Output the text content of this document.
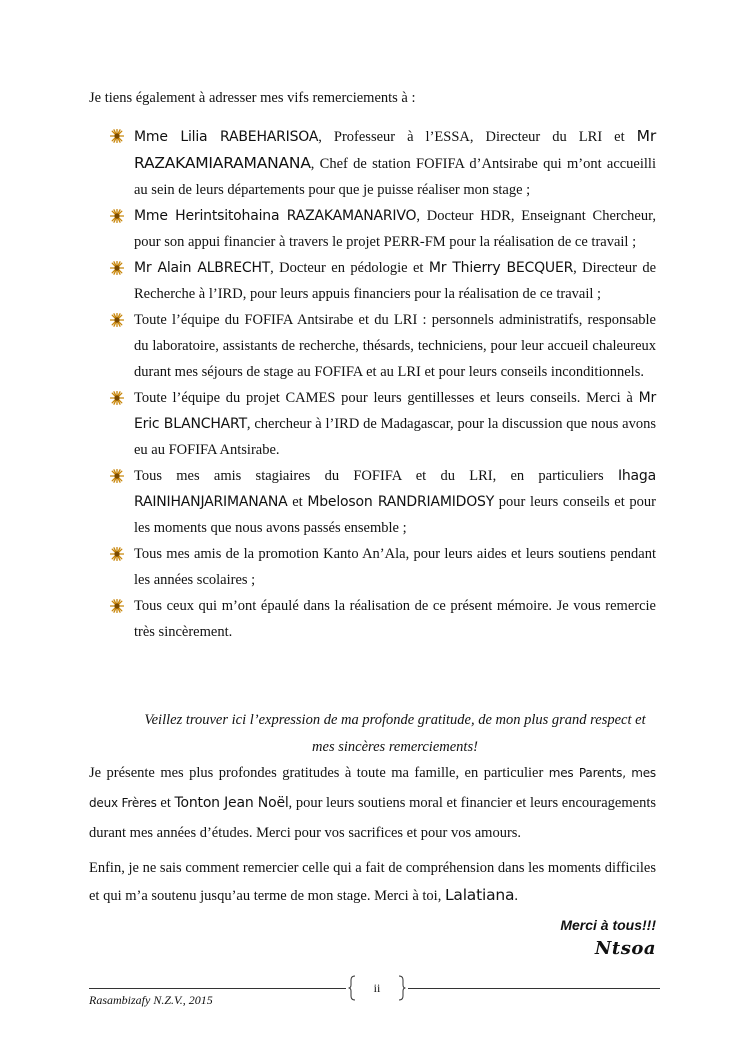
Je tiens également à adresser mes vifs remerciements à :
Mme Lilia RABEHARISOA, Professeur à l’ESSA, Directeur du LRI et Mr RAZAKAMIARAMANANA, Chef de station FOFIFA d’Antsirabe qui m’ont accueilli au sein de leurs départements pour que je puisse réaliser mon stage ;
Mme Herintsitohaina RAZAKAMANARIVO, Docteur HDR, Enseignant Chercheur, pour son appui financier à travers le projet PERR-FM pour la réalisation de ce travail ;
Mr Alain ALBRECHT, Docteur en pédologie et Mr Thierry BECQUER, Directeur de Recherche à l’IRD, pour leurs appuis financiers pour la réalisation de ce travail ;
Toute l’équipe du FOFIFA Antsirabe et du LRI : personnels administratifs, responsable du laboratoire, assistants de recherche, thésards, techniciens, pour leur accueil chaleureux durant mes séjours de stage au FOFIFA et au LRI et pour leurs conseils inconditionnels.
Toute l’équipe du projet CAMES pour leurs gentillesses et leurs conseils. Merci à Mr Eric BLANCHART, chercheur à l’IRD de Madagascar, pour la discussion que nous avons eu au FOFIFA Antsirabe.
Tous mes amis stagiaires du FOFIFA et du LRI, en particuliers Ihaga RAINIHANJARIMANANA et Mbeloson RANDRIAMIDOSY pour leurs conseils et pour les moments que nous avons passés ensemble ;
Tous mes amis de la promotion Kanto An’Ala, pour leurs aides et leurs soutiens pendant les années scolaires ;
Tous ceux qui m’ont épaulé dans la réalisation de ce présent mémoire. Je vous remercie très sincèrement.
Veillez trouver ici l’expression de ma profonde gratitude, de mon plus grand respect et mes sincères remerciements!
Je présente mes plus profondes gratitudes à toute ma famille, en particulier mes Parents, mes deux Frères et Tonton Jean Noël, pour leurs soutiens moral et financier et leurs encouragements durant mes années d’études. Merci pour vos sacrifices et pour vos amours.
Enfin, je ne sais comment remercier celle qui a fait de compréhension dans les moments difficiles et qui m’a soutenu jusqu’au terme de mon stage. Merci à toi, Lalatiana.
Merci à tous!!!
Ntsoa
ii
Rasambizafy N.Z.V., 2015
